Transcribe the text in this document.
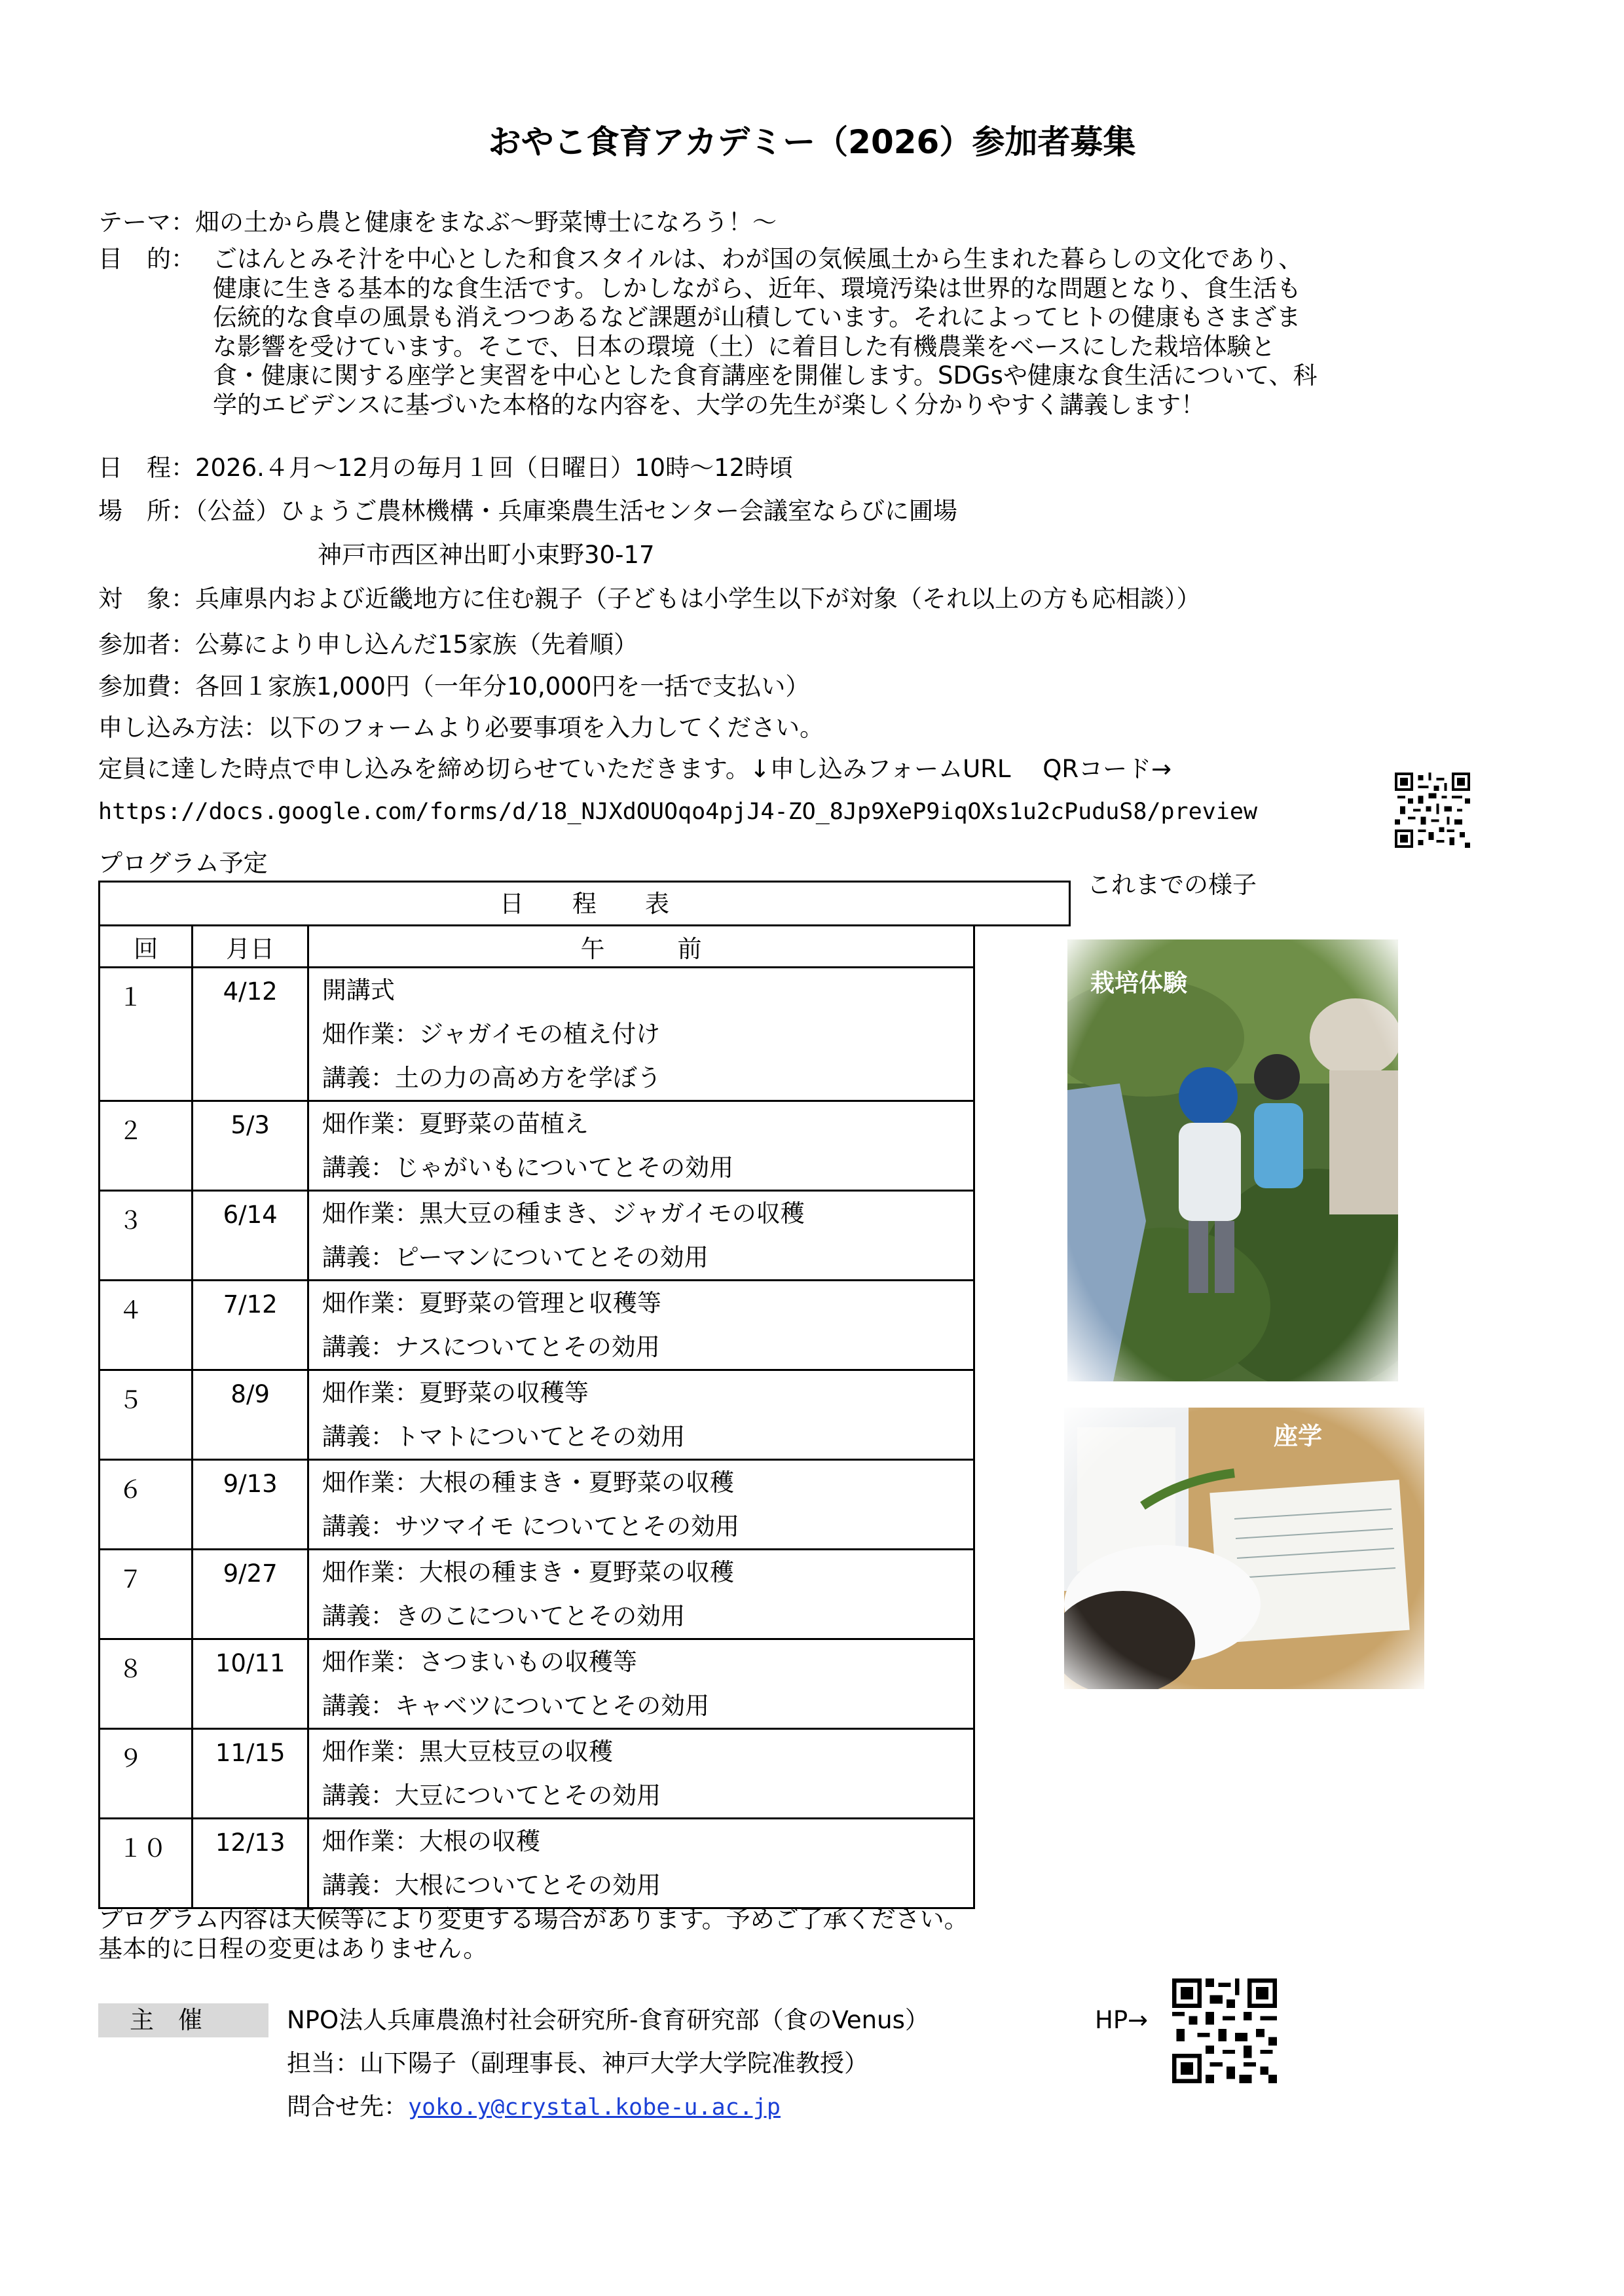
おやこ食育アカデミー（2026）参加者募集
テーマ：畑の土から農と健康をまなぶ～野菜博士になろう！～
目　的： ごはんとみそ汁を中心とした和食スタイルは、わが国の気候風土から生まれた暮らしの文化であり、
健康に生きる基本的な食生活です。しかしながら、近年、環境汚染は世界的な問題となり、食生活も
伝統的な食卓の風景も消えつつあるなど課題が山積しています。それによってヒトの健康もさまざま
な影響を受けています。そこで、日本の環境（土）に着目した有機農業をベースにした栽培体験と
食・健康に関する座学と実習を中心とした食育講座を開催します。SDGsや健康な食生活について、科
学的エビデンスに基づいた本格的な内容を、大学の先生が楽しく分かりやすく講義します！
日　程：2026.４月～12月の毎月１回（日曜日）10時～12時頃
場　所：（公益）ひょうご農林機構・兵庫楽農生活センター会議室ならびに圃場
神戸市西区神出町小束野30-17
対　象：兵庫県内および近畿地方に住む親子（子どもは小学生以下が対象（それ以上の方も応相談））
参加者：公募により申し込んだ15家族（先着順）
参加費：各回１家族1,000円（一年分10,000円を一括で支払い）
申し込み方法：以下のフォームより必要事項を入力してください。
定員に達した時点で申し込みを締め切らせていただきます。↓申し込みフォームURL　 QRコード→
https://docs.google.com/forms/d/18_NJXdOUOqo4pjJ4-ZO_8Jp9XeP9iqOXs1u2cPuduS8/preview
プログラム予定
日　　程　　表
回	月日	午　　　前
１	4/12	開講式
畑作業：ジャガイモの植え付け
講義：土の力の高め方を学ぼう

２	5/3	畑作業：夏野菜の苗植え
講義：じゃがいもについてとその効用

３	6/14	畑作業：黒大豆の種まき、ジャガイモの収穫
講義：ピーマンについてとその効用

４	7/12	畑作業：夏野菜の管理と収穫等
講義：ナスについてとその効用

５	8/9	畑作業：夏野菜の収穫等
講義：トマトについてとその効用

６	9/13	畑作業：大根の種まき・夏野菜の収穫
講義：サツマイモ についてとその効用

７	9/27	畑作業：大根の種まき・夏野菜の収穫
講義：きのこについてとその効用

８	10/11	畑作業：さつまいもの収穫等
講義：キャベツについてとその効用

９	11/15	畑作業：黒大豆枝豆の収穫
講義：大豆についてとその効用

１０	12/13	畑作業：大根の収穫
講義：大根についてとその効用
これまでの様子
栽培体験
座学
プログラム内容は天候等により変更する場合があります。予めご了承ください。
基本的に日程の変更はありません。
主　催	NPO法人兵庫農漁村社会研究所-食育研究部（食のVenus）	HP→
担当：山下陽子（副理事長、神戸大学大学院准教授）
問合せ先：yoko.y@crystal.kobe-u.ac.jp
